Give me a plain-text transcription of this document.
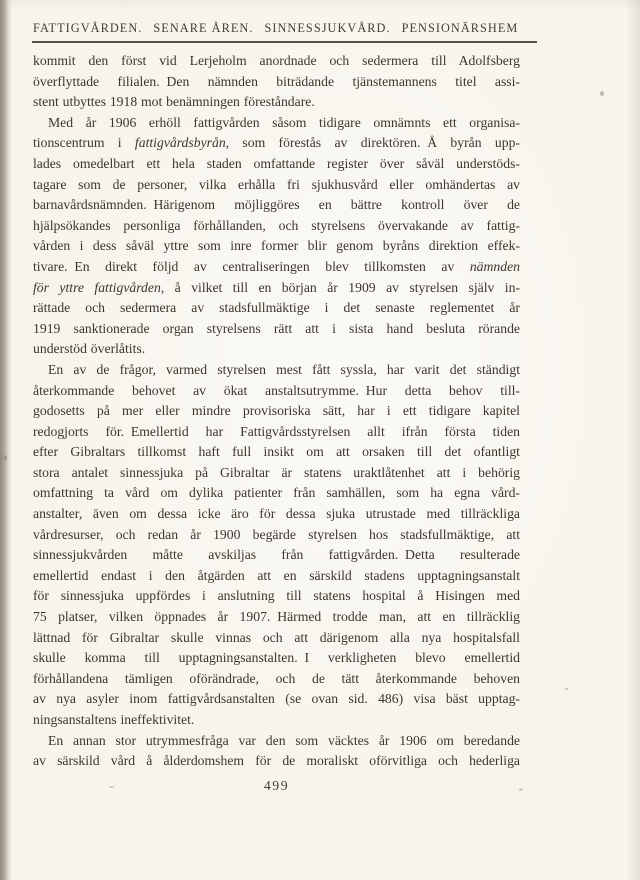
FATTIGVÅRDEN. SENARE ÅREN. SINNESSJUKVÅRD. PENSIONÄRSHEM
kommit den först vid Lerjeholm anordnade och sedermera till Adolfsberg
överflyttade filialen. Den nämnden biträdande tjänstemannens titel assi-
stent utbyttes 1918 mot benämningen föreståndare.
Med år 1906 erhöll fattigvården såsom tidigare omnämnts ett organisa-
tionscentrum i fattigvårdsbyrån, som förestås av direktören. Å byrån upp-
lades omedelbart ett hela staden omfattande register över såväl understöds-
tagare som de personer, vilka erhålla fri sjukhusvård eller omhändertas av
barnavårdsnämnden. Härigenom möjliggöres en bättre kontroll över de
hjälpsökandes personliga förhållanden, och styrelsens övervakande av fattig-
vården i dess såväl yttre som inre former blir genom byråns direktion effek-
tivare. En direkt följd av centraliseringen blev tillkomsten av nämnden
för yttre fattigvården, å vilket till en början år 1909 av styrelsen själv in-
rättade och sedermera av stadsfullmäktige i det senaste reglementet år
1919 sanktionerade organ styrelsens rätt att i sista hand besluta rörande
understöd överlåtits.
En av de frågor, varmed styrelsen mest fått syssla, har varit det ständigt
återkommande behovet av ökat anstaltsutrymme. Hur detta behov till-
godosetts på mer eller mindre provisoriska sätt, har i ett tidigare kapitel
redogjorts för. Emellertid har Fattigvårdsstyrelsen allt ifrån första tiden
efter Gibraltars tillkomst haft full insikt om att orsaken till det ofantligt
stora antalet sinnessjuka på Gibraltar är statens uraktlåtenhet att i behörig
omfattning ta vård om dylika patienter från samhällen, som ha egna vård-
anstalter, även om dessa icke äro för dessa sjuka utrustade med tillräckliga
vårdresurser, och redan år 1900 begärde styrelsen hos stadsfullmäktige, att
sinnessjukvården måtte avskiljas från fattigvården. Detta resulterade
emellertid endast i den åtgärden att en särskild stadens upptagningsanstalt
för sinnessjuka uppfördes i anslutning till statens hospital å Hisingen med
75 platser, vilken öppnades år 1907. Härmed trodde man, att en tillräcklig
lättnad för Gibraltar skulle vinnas och att därigenom alla nya hospitalsfall
skulle komma till upptagningsanstalten. I verkligheten blevo emellertid
förhållandena tämligen oförändrade, och de tätt återkommande behoven
av nya asyler inom fattigvårdsanstalten (se ovan sid. 486) visa bäst upptag-
ningsanstaltens ineffektivitet.
En annan stor utrymmesfråga var den som väcktes år 1906 om beredande
av särskild vård å ålderdomshem för de moraliskt oförvitliga och hederliga
499
